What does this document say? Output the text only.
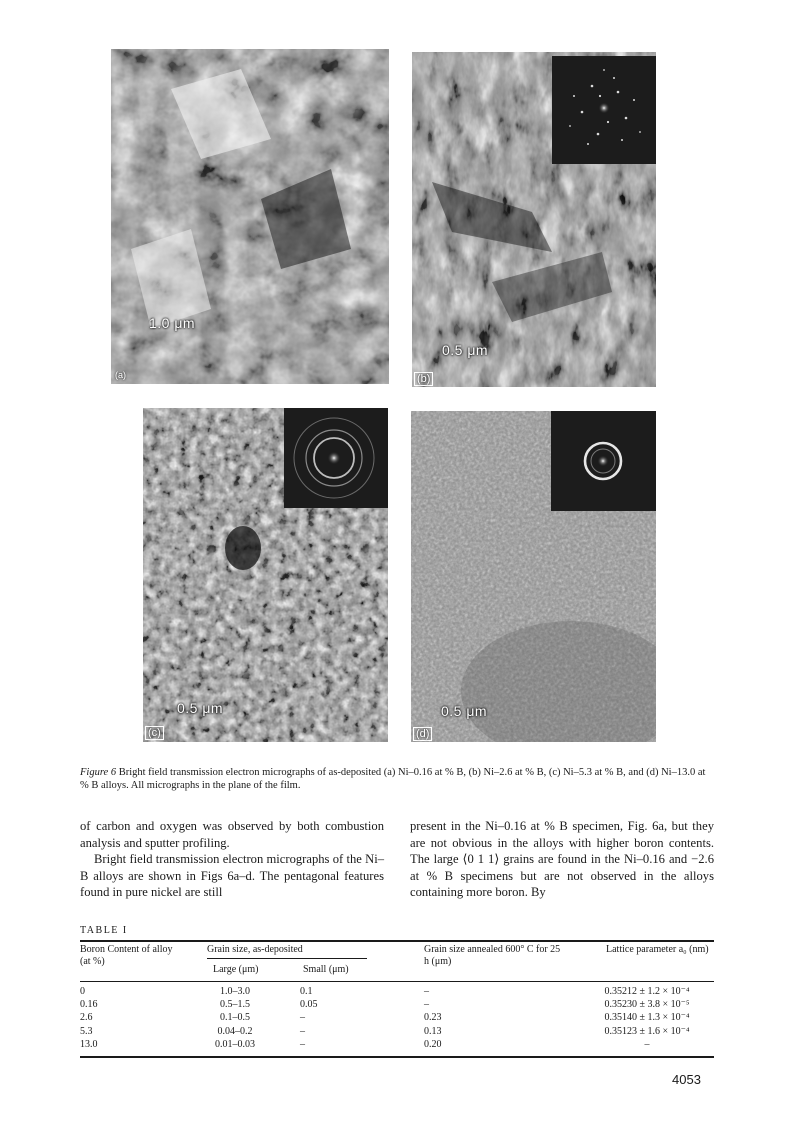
1.0 μm
(a)
0.5 μm
(b)
0.5 μm
(c)
0.5 μm
(d)
Figure 6 Bright field transmission electron micrographs of as-deposited (a) Ni–0.16 at % B, (b) Ni–2.6 at % B, (c) Ni–5.3 at % B, and (d) Ni–13.0 at % B alloys. All micrographs in the plane of the film.

of carbon and oxygen was observed by both combustion analysis and sputter profiling.

Bright field transmission electron micrographs of the Ni–B alloys are shown in Figs 6a–d. The pentagonal features found in pure nickel are still

present in the Ni–0.16 at % B specimen, Fig. 6a, but they are not obvious in the alloys with higher boron contents. The large ⟨0 1 1⟩ grains are found in the Ni–0.16 and −2.6 at % B specimens but are not observed in the alloys containing more boron. By

TABLE I
Boron Content of alloy (at %)
Grain size, as-deposited
Large (μm)	Small (μm)
Grain size annealed 600° C for 25 h (μm)
Lattice parameter a₀ (nm)
0	1.0–3.0	0.1	–	0.35212 ± 1.2 × 10⁻⁴
0.16	0.5–1.5	0.05	–	0.35230 ± 3.8 × 10⁻⁵
2.6	0.1–0.5	–	0.23	0.35140 ± 1.3 × 10⁻⁴
5.3	0.04–0.2	–	0.13	0.35123 ± 1.6 × 10⁻⁴
13.0	0.01–0.03	–	0.20	–
4053
